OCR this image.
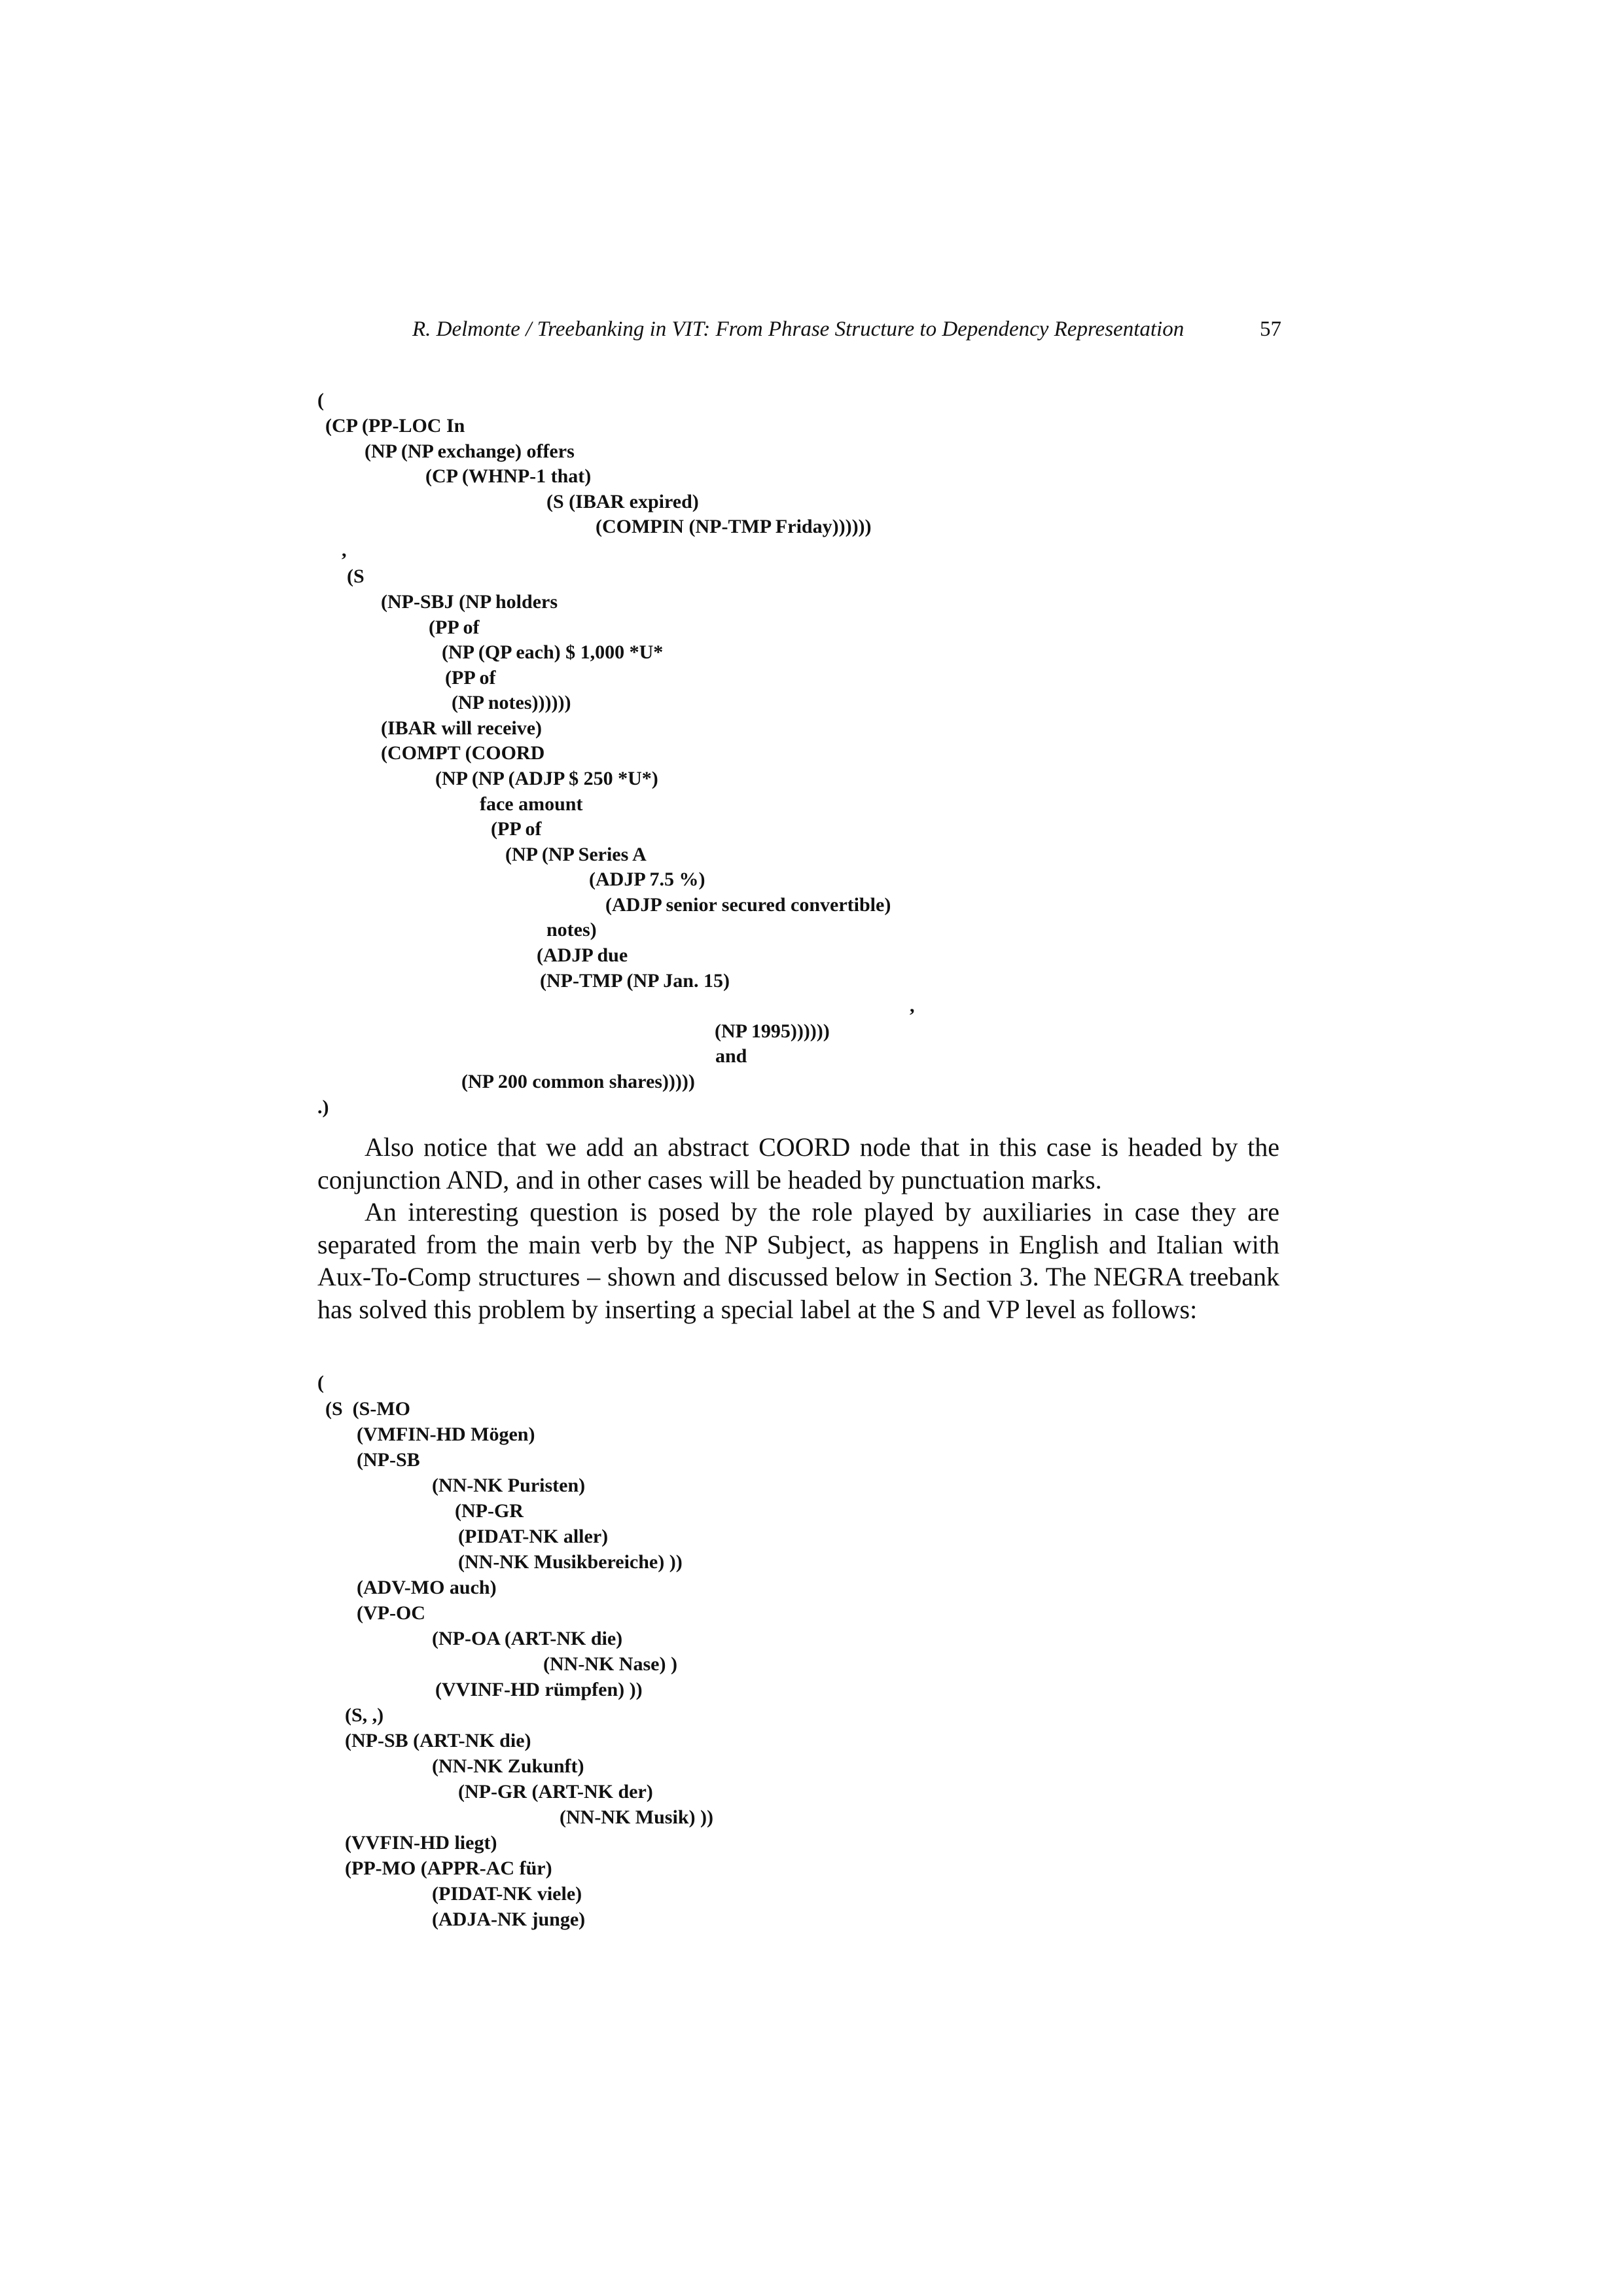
R. Delmonte / Treebanking in VIT: From Phrase Structure to Dependency Representation	57
(
(CP (PP-LOC In
(NP (NP exchange) offers
(CP (WHNP-1 that)
(S (IBAR expired)
(COMPIN (NP-TMP Friday))))))
,
(S
(NP-SBJ (NP holders
(PP of
(NP (QP each) $ 1,000 *U*
(PP of
(NP notes))))))
(IBAR will receive)
(COMPT (COORD
(NP (NP (ADJP $ 250 *U*)
face amount
(PP of
(NP (NP Series A
(ADJP 7.5 %)
(ADJP senior secured convertible)
notes)
(ADJP due
(NP-TMP (NP Jan. 15)
,
(NP 1995))))))
and
(NP 200 common shares)))))
.)

Also notice that we add an abstract COORD node that in this case is headed by the conjunction AND, and in other cases will be headed by punctuation marks.

An interesting question is posed by the role played by auxiliaries in case they are separated from the main verb by the NP Subject, as happens in English and Italian with Aux-To-Comp structures – shown and discussed below in Section 3. The NEGRA treebank has solved this problem by inserting a special label at the S and VP level as follows:

(
(S  (S-MO
(VMFIN-HD Mögen)
(NP-SB
(NN-NK Puristen)
(NP-GR
(PIDAT-NK aller)
(NN-NK Musikbereiche) ))
(ADV-MO auch)
(VP-OC
(NP-OA (ART-NK die)
(NN-NK Nase) )
(VVINF-HD rümpfen) ))
(S, ,)
(NP-SB (ART-NK die)
(NN-NK Zukunft)
(NP-GR (ART-NK der)
(NN-NK Musik) ))
(VVFIN-HD liegt)
(PP-MO (APPR-AC für)
(PIDAT-NK viele)
(ADJA-NK junge)
